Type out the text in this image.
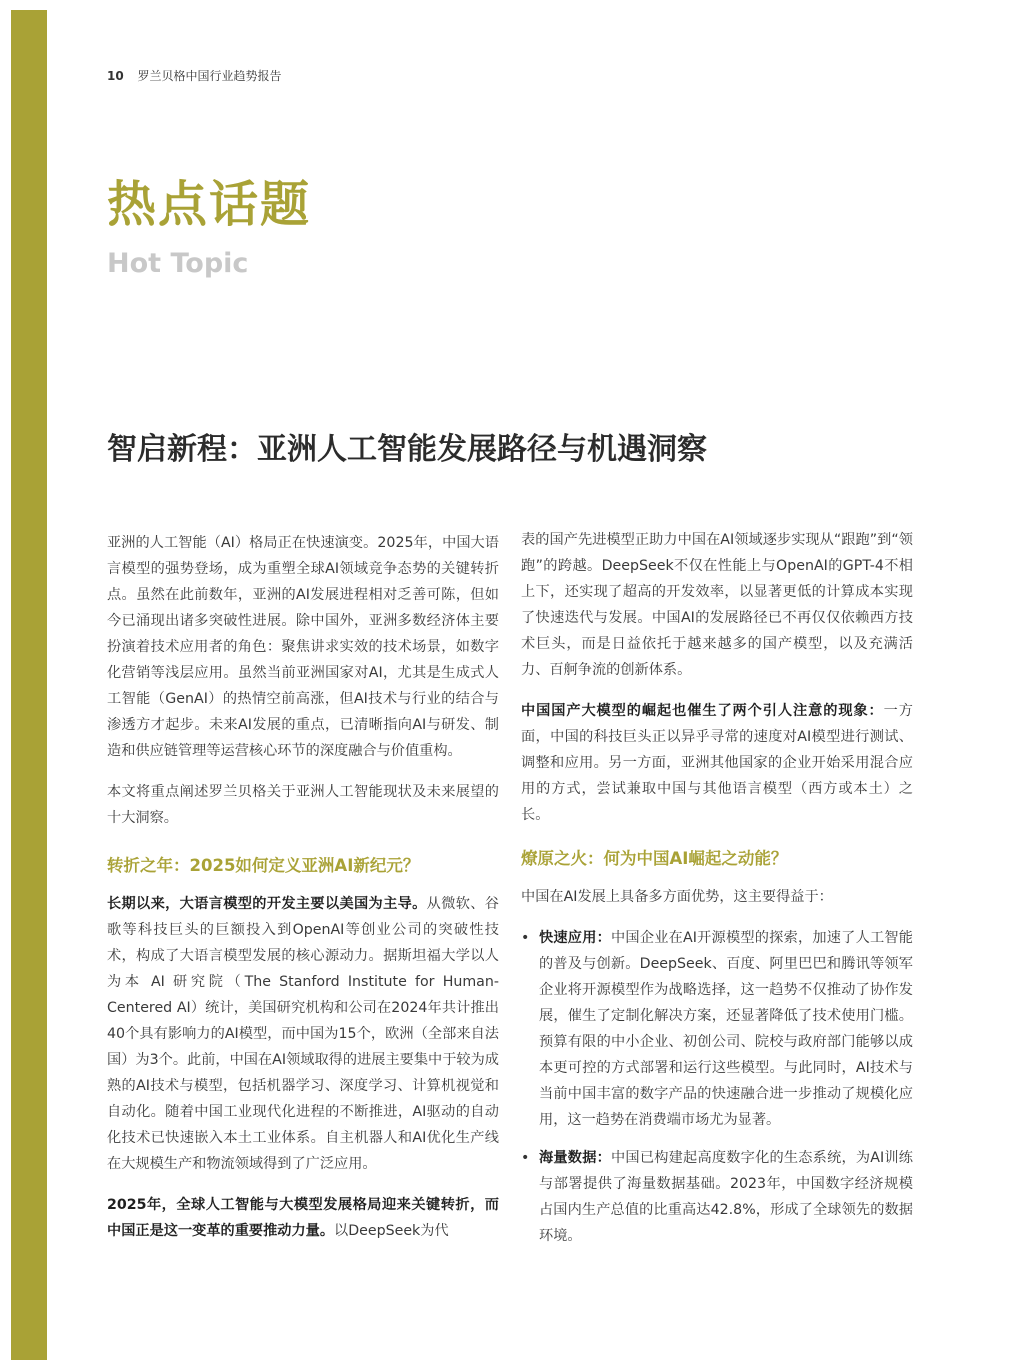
10 罗兰贝格中国行业趋势报告
热点话题
Hot Topic
智启新程：亚洲人工智能发展路径与机遇洞察

亚洲的人工智能（AI）格局正在快速演变。2025年，中国大语言模型的强势登场，成为重塑全球AI领域竞争态势的关键转折点。虽然在此前数年，亚洲的AI发展进程相对乏善可陈，但如今已涌现出诸多突破性进展。除中国外，亚洲多数经济体主要扮演着技术应用者的角色：聚焦讲求实效的技术场景，如数字化营销等浅层应用。虽然当前亚洲国家对AI，尤其是生成式人工智能（GenAI）的热情空前高涨，但AI技术与行业的结合与渗透方才起步。未来AI发展的重点，已清晰指向AI与研发、制造和供应链管理等运营核心环节的深度融合与价值重构。

本文将重点阐述罗兰贝格关于亚洲人工智能现状及未来展望的十大洞察。

转折之年：2025如何定义亚洲AI新纪元？

长期以来，大语言模型的开发主要以美国为主导。从微软、谷歌等科技巨头的巨额投入到OpenAI等创业公司的突破性技术，构成了大语言模型发展的核心源动力。据斯坦福大学以人为本 AI 研究院（The Stanford Institute for Human-Centered AI）统计，美国研究机构和公司在2024年共计推出40个具有影响力的AI模型，而中国为15个，欧洲（全部来自法国）为3个。此前，中国在AI领域取得的进展主要集中于较为成熟的AI技术与模型，包括机器学习、深度学习、计算机视觉和自动化。随着中国工业现代化进程的不断推进，AI驱动的自动化技术已快速嵌入本土工业体系。自主机器人和AI优化生产线在大规模生产和物流领域得到了广泛应用。

2025年，全球人工智能与大模型发展格局迎来关键转折，而中国正是这一变革的重要推动力量。以DeepSeek为代

表的国产先进模型正助力中国在AI领域逐步实现从“跟跑”到“领跑”的跨越。DeepSeek不仅在性能上与OpenAI的GPT-4不相上下，还实现了超高的开发效率，以显著更低的计算成本实现了快速迭代与发展。中国AI的发展路径已不再仅仅依赖西方技术巨头，而是日益依托于越来越多的国产模型，以及充满活力、百舸争流的创新体系。

中国国产大模型的崛起也催生了两个引人注意的现象：一方面，中国的科技巨头正以异乎寻常的速度对AI模型进行测试、调整和应用。另一方面，亚洲其他国家的企业开始采用混合应用的方式，尝试兼取中国与其他语言模型（西方或本土）之长。

燎原之火：何为中国AI崛起之动能？

中国在AI发展上具备多方面优势，这主要得益于：

• 快速应用：中国企业在AI开源模型的探索，加速了人工智能的普及与创新。DeepSeek、百度、阿里巴巴和腾讯等领军企业将开源模型作为战略选择，这一趋势不仅推动了协作发展，催生了定制化解决方案，还显著降低了技术使用门槛。预算有限的中小企业、初创公司、院校与政府部门能够以成本更可控的方式部署和运行这些模型。与此同时，AI技术与当前中国丰富的数字产品的快速融合进一步推动了规模化应用，这一趋势在消费端市场尤为显著。
• 海量数据：中国已构建起高度数字化的生态系统，为AI训练与部署提供了海量数据基础。2023年，中国数字经济规模占国内生产总值的比重高达42.8%，形成了全球领先的数据环境。
